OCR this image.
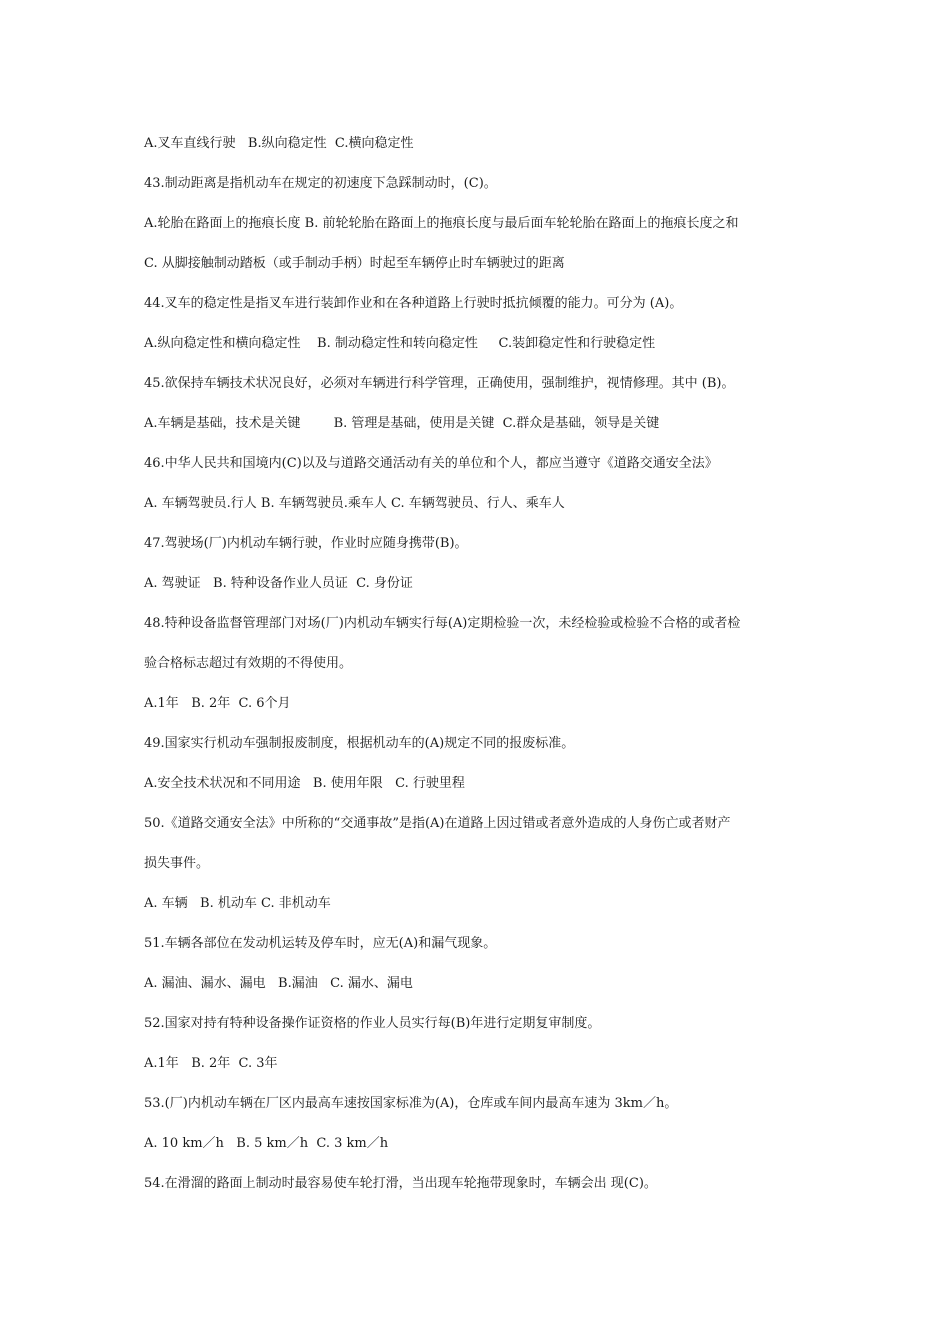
A.叉车直线行驶   B.纵向稳定性  C.横向稳定性
43.制动距离是指机动车在规定的初速度下急踩制动时，(C)。
A.轮胎在路面上的拖痕长度 B. 前轮轮胎在路面上的拖痕长度与最后面车轮轮胎在路面上的拖痕长度之和
C. 从脚接触制动踏板（或手制动手柄）时起至车辆停止时车辆驶过的距离
44.叉车的稳定性是指叉车进行装卸作业和在各种道路上行驶时抵抗倾覆的能力。可分为 (A)。
A.纵向稳定性和横向稳定性    B. 制动稳定性和转向稳定性     C.装卸稳定性和行驶稳定性
45.欲保持车辆技术状况良好，必须对车辆进行科学管理，正确使用，强制维护，视情修理。其中 (B)。
A.车辆是基础，技术是关键        B. 管理是基础，使用是关键  C.群众是基础，领导是关键
46.中华人民共和国境内(C)以及与道路交通活动有关的单位和个人，都应当遵守《道路交通安全法》
A. 车辆驾驶员.行人 B. 车辆驾驶员.乘车人 C. 车辆驾驶员、行人、乘车人
47.驾驶场(厂)内机动车辆行驶，作业时应随身携带(B)。
A. 驾驶证   B. 特种设备作业人员证  C. 身份证
48.特种设备监督管理部门对场(厂)内机动车辆实行每(A)定期检验一次，未经检验或检验不合格的或者检
验合格标志超过有效期的不得使用。
A.1年   B. 2年  C. 6个月
49.国家实行机动车强制报废制度，根据机动车的(A)规定不同的报废标准。
A.安全技术状况和不同用途   B. 使用年限   C. 行驶里程
50.《道路交通安全法》中所称的“交通事故”是指(A)在道路上因过错或者意外造成的人身伤亡或者财产
损失事件。
A. 车辆   B. 机动车 C. 非机动车
51.车辆各部位在发动机运转及停车时，应无(A)和漏气现象。
A. 漏油、漏水、漏电   B.漏油   C. 漏水、漏电
52.国家对持有特种设备操作证资格的作业人员实行每(B)年进行定期复审制度。
A.1年   B. 2年  C. 3年
53.(厂)内机动车辆在厂区内最高车速按国家标准为(A)，仓库或车间内最高车速为 3km／h。
A. 10 km／h   B. 5 km／h  C. 3 km／h
54.在滑溜的路面上制动时最容易使车轮打滑，当出现车轮拖带现象时，车辆会出 现(C)。
